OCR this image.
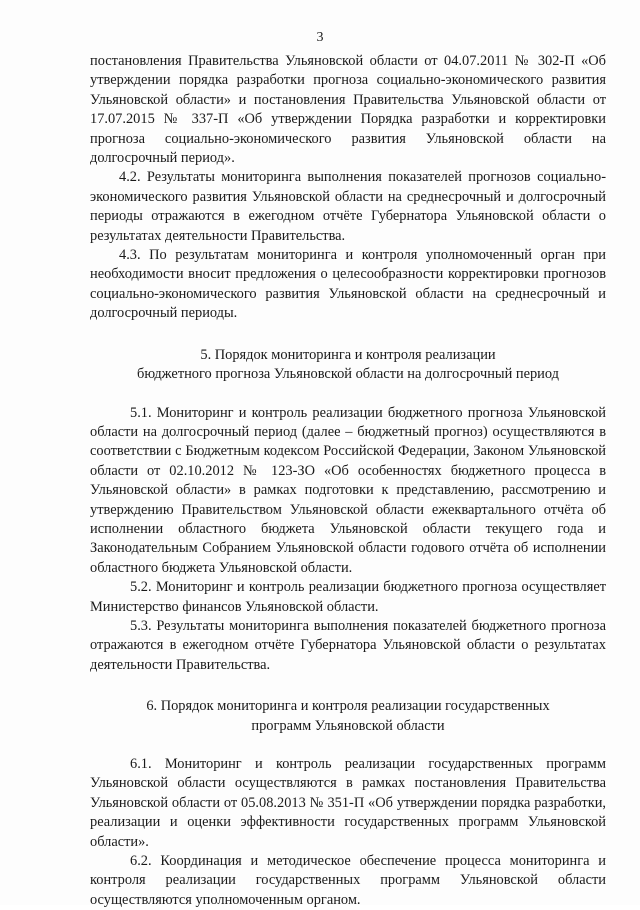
3

постановления Правительства Ульяновской области от 04.07.2011 № 302-П «Об утверждении порядка разработки прогноза социально-экономического развития Ульяновской области» и постановления Правительства Ульяновской области от 17.07.2015 № 337-П «Об утверждении Порядка разработки и корректировки прогноза социально-экономического развития Ульяновской области на долгосрочный период».

4.2. Результаты мониторинга выполнения показателей прогнозов социально-экономического развития Ульяновской области на среднесрочный и долгосрочный периоды отражаются в ежегодном отчёте Губернатора Ульяновской области о результатах деятельности Правительства.

4.3. По результатам мониторинга и контроля уполномоченный орган при необходимости вносит предложения о целесообразности корректировки прогнозов социально-экономического развития Ульяновской области на среднесрочный и долгосрочный периоды.

5. Порядок мониторинга и контроля реализации
бюджетного прогноза Ульяновской области на долгосрочный период

5.1. Мониторинг и контроль реализации бюджетного прогноза Ульяновской области на долгосрочный период (далее – бюджетный прогноз) осуществляются в соответствии с Бюджетным кодексом Российской Федерации, Законом Ульяновской области от 02.10.2012 № 123-ЗО «Об особенностях бюджетного процесса в Ульяновской области» в рамках подготовки к представлению, рассмотрению и утверждению Правительством Ульяновской области ежеквартального отчёта об исполнении областного бюджета Ульяновской области текущего года и Законодательным Собранием Ульяновской области годового отчёта об исполнении областного бюджета Ульяновской области.

5.2. Мониторинг и контроль реализации бюджетного прогноза осуществляет Министерство финансов Ульяновской области.

5.3. Результаты мониторинга выполнения показателей бюджетного прогноза отражаются в ежегодном отчёте Губернатора Ульяновской области о результатах деятельности Правительства.

6. Порядок мониторинга и контроля реализации государственных
программ Ульяновской области

6.1. Мониторинг и контроль реализации государственных программ Ульяновской области осуществляются в рамках постановления Правительства Ульяновской области от 05.08.2013 № 351-П «Об утверждении порядка разработки, реализации и оценки эффективности государственных программ Ульяновской области».

6.2. Координация и методическое обеспечение процесса мониторинга и контроля реализации государственных программ Ульяновской области осуществляются уполномоченным органом.
